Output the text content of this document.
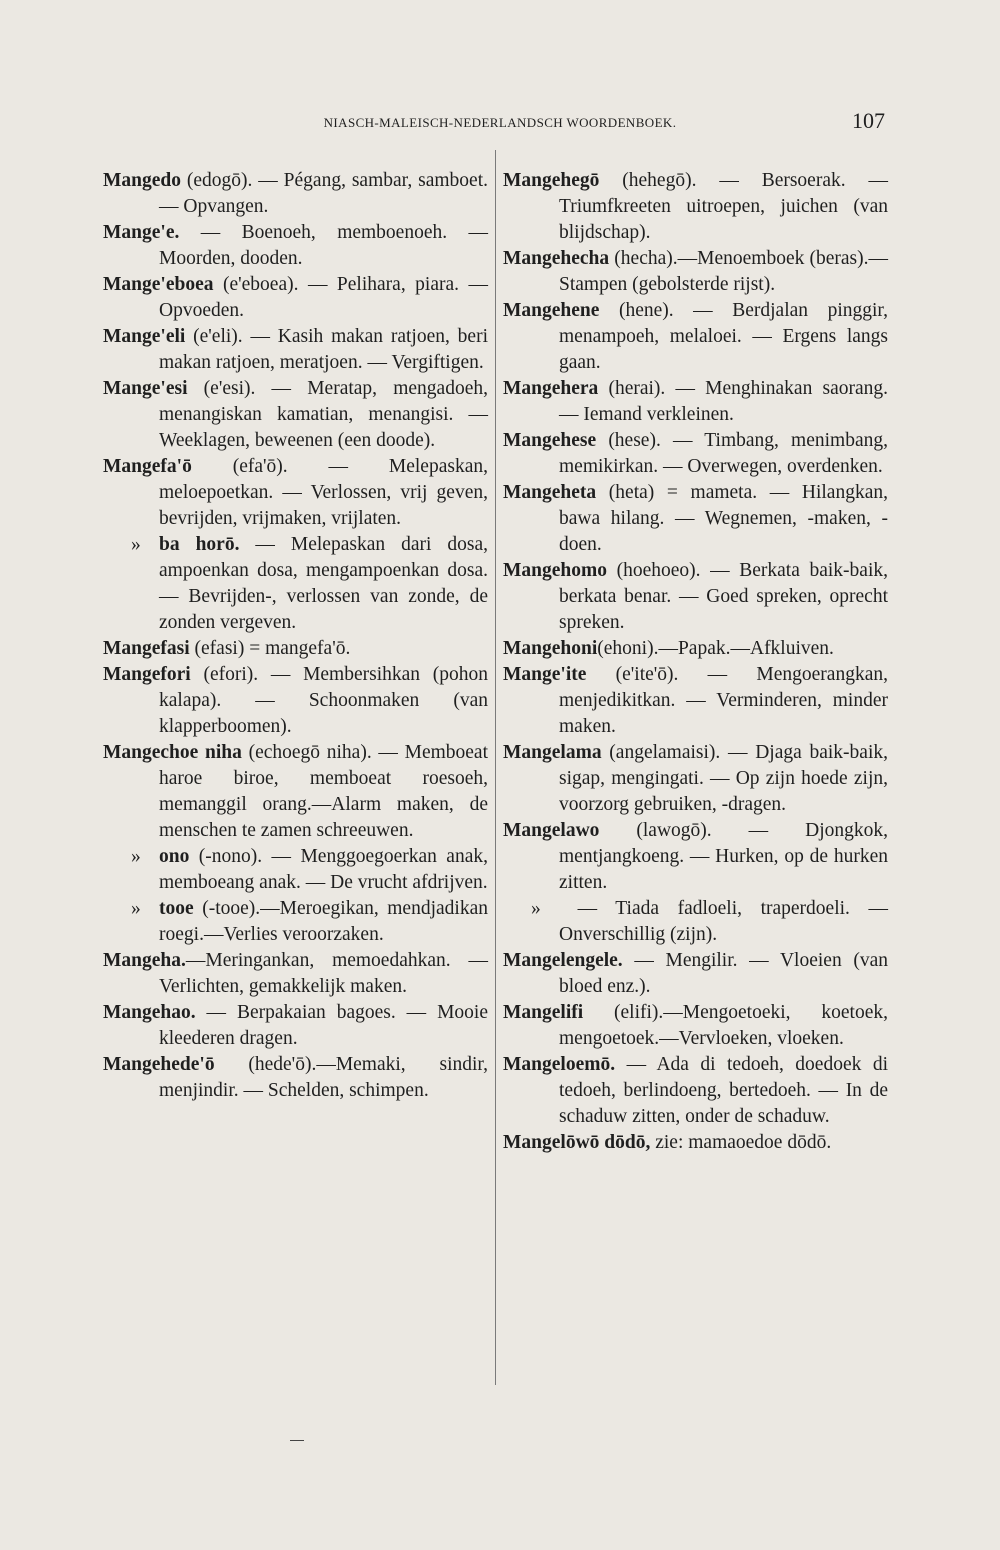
NIASCH-MALEISCH-NEDERLANDSCH WOORDENBOEK.	107

Mangedo (edogō). — Pégang, sambar, samboet. — Opvangen.

Mange'e. — Boenoeh, memboenoeh. — Moorden, dooden.

Mange'eboea (e'eboea). — Pelihara, piara. — Opvoeden.

Mange'eli (e'eli). — Kasih makan ratjoen, beri makan ratjoen, meratjoen. — Vergiftigen.

Mange'esi (e'esi). — Meratap, mengadoeh, menangiskan kamatian, menangisi. — Weeklagen, beweenen (een doode).

Mangefa'ō (efa'ō). — Melepaskan, meloepoetkan. — Verlossen, vrij geven, bevrijden, vrijmaken, vrijlaten.

» ba horō. — Melepaskan dari dosa, ampoenkan dosa, mengampoenkan dosa. — Bevrijden-, verlossen van zonde, de zonden vergeven.

Mangefasi (efasi) = mangefa'ō.

Mangefori (efori). — Membersihkan (pohon kalapa). — Schoonmaken (van klapperboomen).

Mangechoe niha (echoegō niha). — Memboeat haroe biroe, memboeat roesoeh, memanggil orang.—Alarm maken, de menschen te zamen schreeuwen.

» ono (-nono). — Menggoegoerkan anak, memboeang anak. — De vrucht afdrijven.

» tooe (-tooe).—Meroegikan, mendjadikan roegi.—Verlies veroorzaken.

Mangeha.—Meringankan, memoedahkan. — Verlichten, gemakkelijk maken.

Mangehao. — Berpakaian bagoes. — Mooie kleederen dragen.

Mangehede'ō (hede'ō).—Memaki, sindir, menjindir. — Schelden, schimpen.

Mangehegō (hehegō). — Bersoerak. — Triumfkreeten uitroepen, juichen (van blijdschap).

Mangehecha (hecha).—Menoemboek (beras).— Stampen (gebolsterde rijst).

Mangehene (hene). — Berdjalan pinggir, menampoeh, melaloei. — Ergens langs gaan.

Mangehera (herai). — Menghinakan saorang. — Iemand verkleinen.

Mangehese (hese). — Timbang, menimbang, memikirkan. — Overwegen, overdenken.

Mangeheta (heta) = mameta. — Hilangkan, bawa hilang. — Wegnemen, -maken, -doen.

Mangehomo (hoehoeo). — Berkata baik-baik, berkata benar. — Goed spreken, oprecht spreken.

Mangehoni(ehoni).—Papak.—Afkluiven.

Mange'ite (e'ite'ō). — Mengoerangkan, menjedikitkan. — Verminderen, minder maken.

Mangelama (angelamaisi). — Djaga baik-baik, sigap, mengingati. — Op zijn hoede zijn, voorzorg gebruiken, -dragen.

Mangelawo (lawogō). — Djongkok, mentjangkoeng. — Hurken, op de hurken zitten.

» — Tiada fadloeli, traperdoeli. — Onverschillig (zijn).

Mangelengele. — Mengilir. — Vloeien (van bloed enz.).

Mangelifi (elifi).—Mengoetoeki, koetoek, mengoetoek.—Vervloeken, vloeken.

Mangeloemō. — Ada di tedoeh, doedoek di tedoeh, berlindoeng, bertedoeh. — In de schaduw zitten, onder de schaduw.

Mangelōwō dōdō, zie: mamaoedoe dōdō.
